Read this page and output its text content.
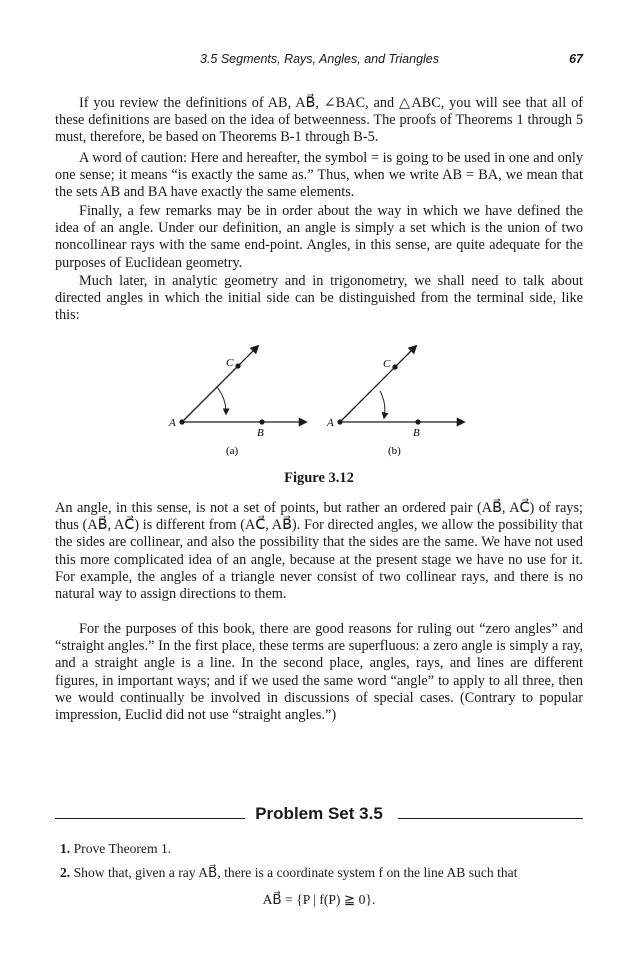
3.5 Segments, Rays, Angles, and Triangles	67

If you review the definitions of AB, AB⃗, ∠BAC, and △ABC, you will see that all of these definitions are based on the idea of betweenness. The proofs of Theorems 1 through 5 must, therefore, be based on Theorems B-1 through B-5.

A word of caution: Here and hereafter, the symbol = is going to be used in one and only one sense; it means “is exactly the same as.” Thus, when we write AB = BA, we mean that the sets AB and BA have exactly the same elements.

Finally, a few remarks may be in order about the way in which we have defined the idea of an angle. Under our definition, an angle is simply a set which is the union of two noncollinear rays with the same end-point. Angles, in this sense, are quite adequate for the purposes of Euclidean geometry.

Much later, in analytic geometry and in trigonometry, we shall need to talk about directed angles in which the initial side can be distinguished from the terminal side, like this:

A
B
C
(a)
A
B
C
(b)
Figure 3.12

An angle, in this sense, is not a set of points, but rather an ordered pair (AB⃗, AC⃗) of rays; thus (AB⃗, AC⃗) is different from (AC⃗, AB⃗). For directed angles, we allow the possibility that the sides are collinear, and also the possibility that the sides are the same. We have not used this more complicated idea of an angle, because at the present stage we have no use for it. For example, the angles of a triangle never consist of two collinear rays, and there is no natural way to assign directions to them.

For the purposes of this book, there are good reasons for ruling out “zero angles” and “straight angles.” In the first place, these terms are superfluous: a zero angle is simply a ray, and a straight angle is a line. In the second place, angles, rays, and lines are different figures, in important ways; and if we used the same word “angle” to apply to all three, then we would continually be involved in discussions of special cases. (Contrary to popular impression, Euclid did not use “straight angles.”)

Problem Set 3.5
1. Prove Theorem 1.
2. Show that, given a ray AB⃗, there is a coordinate system f on the line AB such that
AB⃗ = {P | f(P) ≧ 0}.
